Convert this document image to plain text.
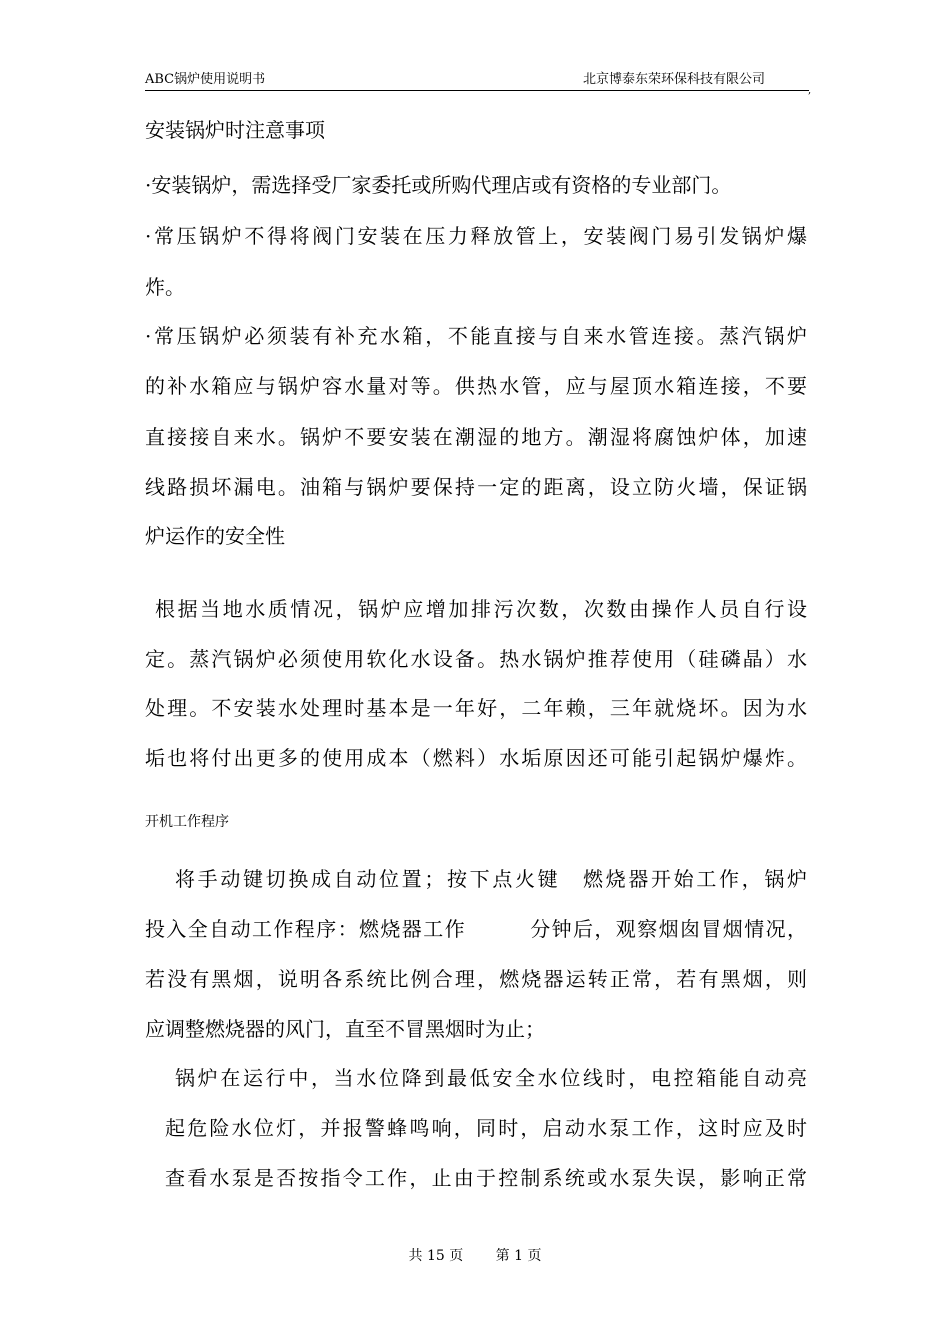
ABC锅炉使用说明书	北京博泰东荣环保科技有限公司
,
安装锅炉时注意事项
·安装锅炉，需选择受厂家委托或所购代理店或有资格的专业部门。
·常压锅炉不得将阀门安装在压力释放管上，安装阀门易引发锅炉爆
炸。
·常压锅炉必须装有补充水箱，不能直接与自来水管连接。蒸汽锅炉
的补水箱应与锅炉容水量对等。供热水管，应与屋顶水箱连接，不要
直接接自来水。锅炉不要安装在潮湿的地方。潮湿将腐蚀炉体，加速
线路损坏漏电。油箱与锅炉要保持一定的距离，设立防火墙，保证锅
炉运作的安全性
根据当地水质情况，锅炉应增加排污次数，次数由操作人员自行设
定。蒸汽锅炉必须使用软化水设备。热水锅炉推荐使用（硅磷晶）水
处理。不安装水处理时基本是一年好，二年赖，三年就烧坏。因为水
垢也将付出更多的使用成本（燃料）水垢原因还可能引起锅炉爆炸。
开机工作程序
将手动键切换成自动位置；按下点火键　燃烧器开始工作，锅炉
投入全自动工作程序：燃烧器工作　　　分钟后，观察烟囱冒烟情况，
若没有黑烟，说明各系统比例合理，燃烧器运转正常，若有黑烟，则
应调整燃烧器的风门，直至不冒黑烟时为止；
锅炉在运行中，当水位降到最低安全水位线时，电控箱能自动亮
起危险水位灯，并报警蜂鸣响，同时，启动水泵工作，这时应及时
查看水泵是否按指令工作，止由于控制系统或水泵失误，影响正常
共 15 页 第 1 页
